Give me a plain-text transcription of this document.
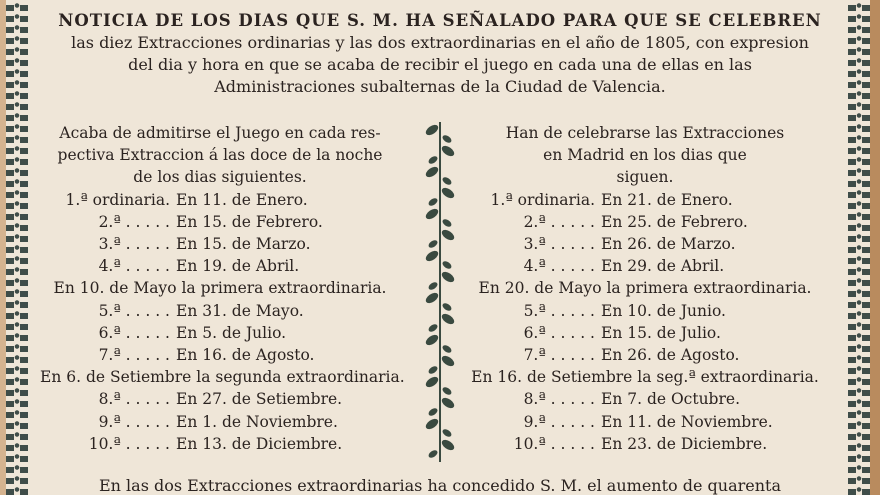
NOTICIA DE LOS DIAS QUE S. M. HA SEÑALADO PARA QUE SE CELEBREN
las diez Extracciones ordinarias y las dos extraordinarias en el año de 1805, con expresion
del dia y hora en que se acaba de recibir el juego en cada una de ellas en las
Administraciones subalternas de la Ciudad de Valencia.
Acaba de admitirse el Juego en cada res-
pectiva Extraccion á las doce de la noche
de los dias siguientes.
1.ª ordinaria. En 11. de Enero.
2.ª . . . . . En 15. de Febrero.
3.ª . . . . . En 15. de Marzo.
4.ª . . . . . En 19. de Abril.
En 10. de Mayo la primera extraordinaria.
5.ª . . . . . En 31. de Mayo.
6.ª . . . . . En 5. de Julio.
7.ª . . . . . En 16. de Agosto.
En 6. de Setiembre la segunda extraordinaria.
8.ª . . . . . En 27. de Setiembre.
9.ª . . . . . En 1. de Noviembre.
10.ª . . . . . En 13. de Diciembre.
Han de celebrarse las Extracciones
en Madrid en los dias que
siguen.
1.ª ordinaria. En 21. de Enero.
2.ª . . . . . En 25. de Febrero.
3.ª . . . . . En 26. de Marzo.
4.ª . . . . . En 29. de Abril.
En 20. de Mayo la primera extraordinaria.
5.ª . . . . . En 10. de Junio.
6.ª . . . . . En 15. de Julio.
7.ª . . . . . En 26. de Agosto.
En 16. de Setiembre la seg.ª extraordinaria.
8.ª . . . . . En 7. de Octubre.
9.ª . . . . . En 11. de Noviembre.
10.ª . . . . . En 23. de Diciembre.
En las dos Extracciones extraordinarias ha concedido S. M. el aumento de quarenta
